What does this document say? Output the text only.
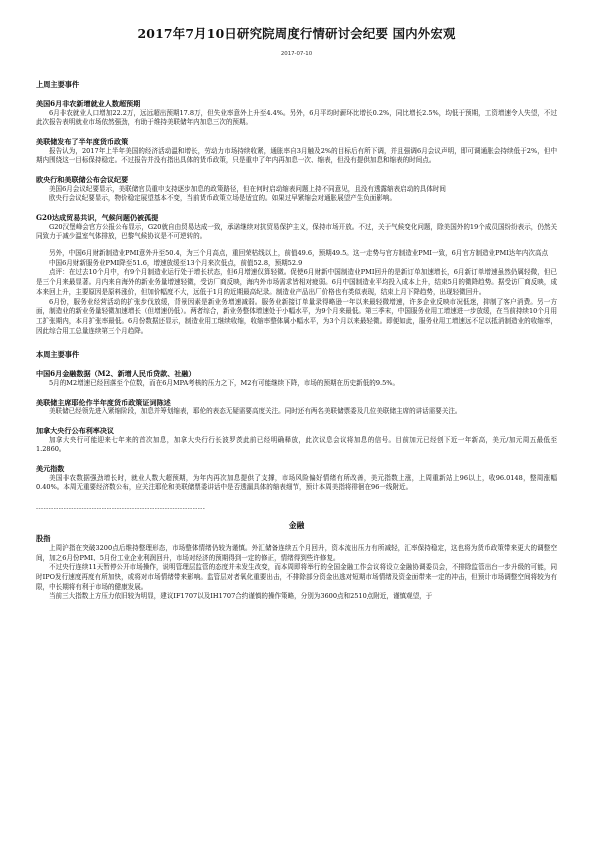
2017年7月10日研究院周度行情研讨会纪要 国内外宏观
2017-07-10
上周主要事件
美国6月非农新增就业人数超预期

6月非农就业人口增加22.2万，远远超出预期17.8万，但失业率意外上升至4.4%。另外，6月平均时薪环比增长0.2%，同比增长2.5%，均低于预期，工资增速令人失望，不过此次报告表明就业市场依然强劲，有助于维持美联储年内加息三次的预期。

美联储发布了半年度货币政策

报告认为，2017年上半年美国的经济活动温和增长，劳动力市场持续收紧，通胀率自3月触及2%的目标后有所下调，并且强调6月会议声明，即可调通胀会持续低于2%，但中期内围绕这一目标保持稳定。不过报告并没有指出具体的货币政策，只是重申了年内再加息一次、缩表，但没有提供加息和缩表的时间点。

欧央行和美联储公布会议纪要

美国6月会议纪要显示，美联储官员重申支持逐步加息的政策路径，但在何时启动缩表问题上持不同意见，且没有透露缩表启动的具体时间

欧央行会议纪要显示，物价稳定展望基本不变，当前货币政策立场是适宜的。如果过早紧缩会对通胀展望产生负面影响。

G20达成贸易共识，气候问题仍被孤提

G20汉堡峰会官方公报公布显示，G20就自由贸易达成一致，承诺继续对抗贸易保护主义，保持市场开放。不过，关于气候变化问题，除美国外的19个成员国纷纷表示，仍然关同致力于减少温室气体排放，巴黎气候协议是不可逆转的。

另外，中国6月财新制造业PMI意外升至50.4，为三个月高点，重回荣枯线以上，前值49.6，预期49.5。这一走势与官方制造业PMI一致，6月官方制造业PMI达年内次高点

中国6月财新服务业PMI降至51.6，增速放缓至13个月来次低点，前值52.8，预期52.9

点评：在过去10个月中，有9个月制造业运行处于增长状态，但6月增速仅算轻微。促使6月财新中国制造业PMI回升的是新订单加速增长，6月新订单增速虽然仍属轻微，但已是三个月来最显著。月内来自海外的新业务量增速轻微，受访厂商反映，海内外市场需求皆相对疲弱。6月中国制造业平均投入成本上升，结束5月的微降趋势。据受访厂商反映，成本来回上升，主要原因是原料涨价，但加价幅度不大，远低于1月的近期最高纪录。制造业产品出厂价格也有类似表现，结束上月下降趋势，出现轻微回升。

6月份，服务业经营活动的扩张步伐放缓，背景因素是新业务增速减弱。服务业新接订单量录得略逊一年以来最轻微增速，许多企业反映市况低迷，抑制了客户消费。另一方面，制造业的新业务量轻微加速增长（但增速仍低）。两者综合，新业务整体增速处于小幅水平，为9个月来最低。第三季末，中国服务业用工增速进一步放缓，在当前持续10个月用工扩张期内，本月扩张率最低。6月份数据还显示，制造业用工继续收缩，收缩率整体属小幅水平，为3个月以来最轻微。即便如此，服务业用工增速远不足以抵消制造业的收缩率，因此综合用工总量连续第三个月趋降。

本周主要事件
中国6月金融数据（M2、新增人民币贷款、社融）

5月的M2增速已经回落至个位数，而在6月MPA考核的压力之下，M2有可能继续下降，市场的预期在历史新低的9.5%。

美联储主席耶伦作半年度货币政策证词陈述

美联储已经领先进入紧缩阶段，加息并筹划缩表，耶伦的表态无疑需要高度关注。同时还有两名美联储票委及几位美联储主席的讲话需要关注。

加拿大央行公布利率决议

加拿大央行可能迎来七年来的首次加息，加拿大央行行长波罗茨此前已经明确释放，此次议息会议将加息的信号。目前加元已经创下近一年新高，美元/加元周五最低至1.2860。

美元指数

美国非农数据强劲增长时，就业人数大超预期，为年内再次加息提供了支撑，市场风险偏好情绪有所改善，美元指数上涨，上周重新站上96以上，收96.0148，整周涨幅0.40%。本周无重要经济数公布，应关注耶伦和美联储票委讲话中是否透漏具体的缩表细节，预计本周美指将徘徊在96一线附近。

-------------------------------------------------------------------
金融
股指

上周沪指在突破3200点后维持整理形态，市场整体情绪仍较为谨慎。外汇储备连续五个月回升，资本流出压力有所减轻，汇率保持稳定，这也将为货币政策带来更大的调整空间，加之6月份PMI、5月份工业企业利润回升，市场对经济的预期得到一定的修正，情绪得到些许修复。

不过央行连续11天暂停公开市场操作，说明管理层监管的态度并未发生改变，而本周即将举行的全国金融工作会议将设立金融协调委员会，不排除监管出台一步升级的可能，同时IPO发行速度再度有所加快，或将对市场情绪带来影响。监管层对者氧化重要出击，不排除部分资金出逃对短期市场情绪及资金面带来一定的冲击，但预计市场调整空间将较为有限，中长期将有利于市场的健康发展。

当前三大指数上方压力依旧较为明显，建议IF1707以及IH1707合约谨慎的操作策略，分别为3600点和2510点附近，谨慎观望，于
